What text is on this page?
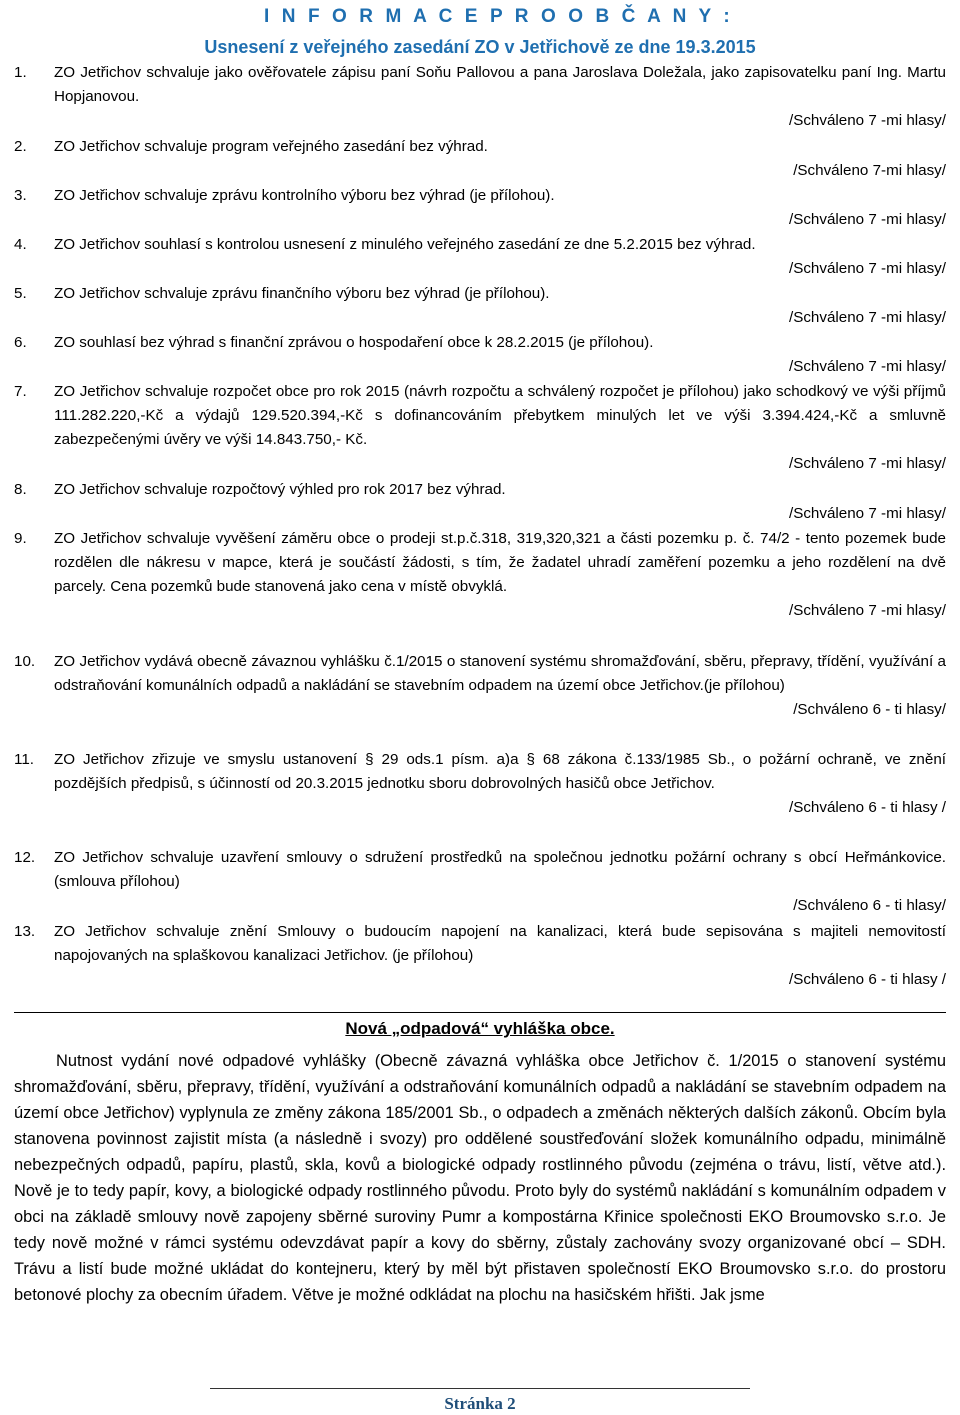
I N F O R M A C E P R O O B Č A N Y :
Usnesení z veřejného zasedání ZO v Jetřichově ze dne 19.3.2015
1. ZO Jetřichov schvaluje jako ověřovatele zápisu paní Soňu Pallovou a pana Jaroslava Doležala, jako zapisovatelku paní Ing. Martu Hopjanovou.
/Schváleno 7 -mi hlasy/
2. ZO Jetřichov schvaluje program veřejného zasedání bez výhrad.
/Schváleno 7-mi hlasy/
3. ZO Jetřichov schvaluje zprávu kontrolního výboru bez výhrad (je přílohou).
/Schváleno 7 -mi hlasy/
4. ZO Jetřichov souhlasí s kontrolou usnesení z minulého veřejného zasedání ze dne 5.2.2015 bez výhrad.
/Schváleno 7 -mi hlasy/
5. ZO Jetřichov schvaluje zprávu finančního výboru bez výhrad (je přílohou).
/Schváleno 7 -mi hlasy/
6. ZO souhlasí bez výhrad s finanční zprávou o hospodaření obce k 28.2.2015 (je přílohou).
/Schváleno 7 -mi hlasy/
7. ZO Jetřichov schvaluje rozpočet obce pro rok 2015 (návrh rozpočtu a schválený rozpočet je přílohou) jako schodkový ve výši příjmů 111.282.220,-Kč a výdajů 129.520.394,-Kč s dofinancováním přebytkem minulých let ve výši 3.394.424,-Kč a smluvně zabezpečenými úvěry ve výši 14.843.750,- Kč.
/Schváleno 7 -mi hlasy/
8. ZO Jetřichov schvaluje rozpočtový výhled pro rok 2017 bez výhrad.
/Schváleno 7 -mi hlasy/
9. ZO Jetřichov schvaluje vyvěšení záměru obce o prodeji st.p.č.318, 319,320,321 a části pozemku p. č. 74/2 - tento pozemek bude rozdělen dle nákresu v mapce, která je součástí žádosti, s tím, že žadatel uhradí zaměření pozemku a jeho rozdělení na dvě parcely. Cena pozemků bude stanovená jako cena v místě obvyklá.
/Schváleno 7 -mi hlasy/
10. ZO Jetřichov vydává obecně závaznou vyhlášku č.1/2015 o stanovení systému shromažďování, sběru, přepravy, třídění, využívání a odstraňování komunálních odpadů a nakládání se stavebním odpadem na území obce Jetřichov.(je přílohou)
/Schváleno 6 - ti hlasy/
11. ZO Jetřichov zřizuje ve smyslu ustanovení § 29 ods.1 písm. a)a § 68 zákona č.133/1985 Sb., o požární ochraně, ve znění pozdějších předpisů, s účinností od 20.3.2015 jednotku sboru dobrovolných hasičů obce Jetřichov.
/Schváleno 6 - ti hlasy /
12. ZO Jetřichov schvaluje uzavření smlouvy o sdružení prostředků na společnou jednotku požární ochrany s obcí Heřmánkovice. (smlouva přílohou)
/Schváleno 6 - ti hlasy/
13. ZO Jetřichov schvaluje znění Smlouvy o budoucím napojení na kanalizaci, která bude sepisována s majiteli nemovitostí napojovaných na splaškovou kanalizaci Jetřichov. (je přílohou)
/Schváleno 6 - ti hlasy /
Nová „odpadová“ vyhláška obce.
Nutnost vydání nové odpadové vyhlášky (Obecně závazná vyhláška obce Jetřichov č. 1/2015 o stanovení systému shromažďování, sběru, přepravy, třídění, využívání a odstraňování komunálních odpadů a nakládání se stavebním odpadem na území obce Jetřichov) vyplynula ze změny zákona 185/2001 Sb., o odpadech a změnách některých dalších zákonů. Obcím byla stanovena povinnost zajistit místa (a následně i svozy) pro oddělené soustřeďování složek komunálního odpadu, minimálně nebezpečných odpadů, papíru, plastů, skla, kovů a biologické odpady rostlinného původu (zejména o trávu, listí, větve atd.). Nově je to tedy papír, kovy, a biologické odpady rostlinného původu. Proto byly do systémů nakládání s komunálním odpadem v obci na základě smlouvy nově zapojeny sběrné suroviny Pumr a kompostárna Křinice společnosti EKO Broumovsko s.r.o. Je tedy nově možné v rámci systému odevzdávat papír a kovy do sběrny, zůstaly zachovány svozy organizované obcí – SDH. Trávu a listí bude možné ukládat do kontejneru, který by měl být přistaven společností EKO Broumovsko s.r.o. do prostoru betonové plochy za obecním úřadem. Větve je možné odkládat na plochu na hasičském hřišti. Jak jsme
Stránka 2
